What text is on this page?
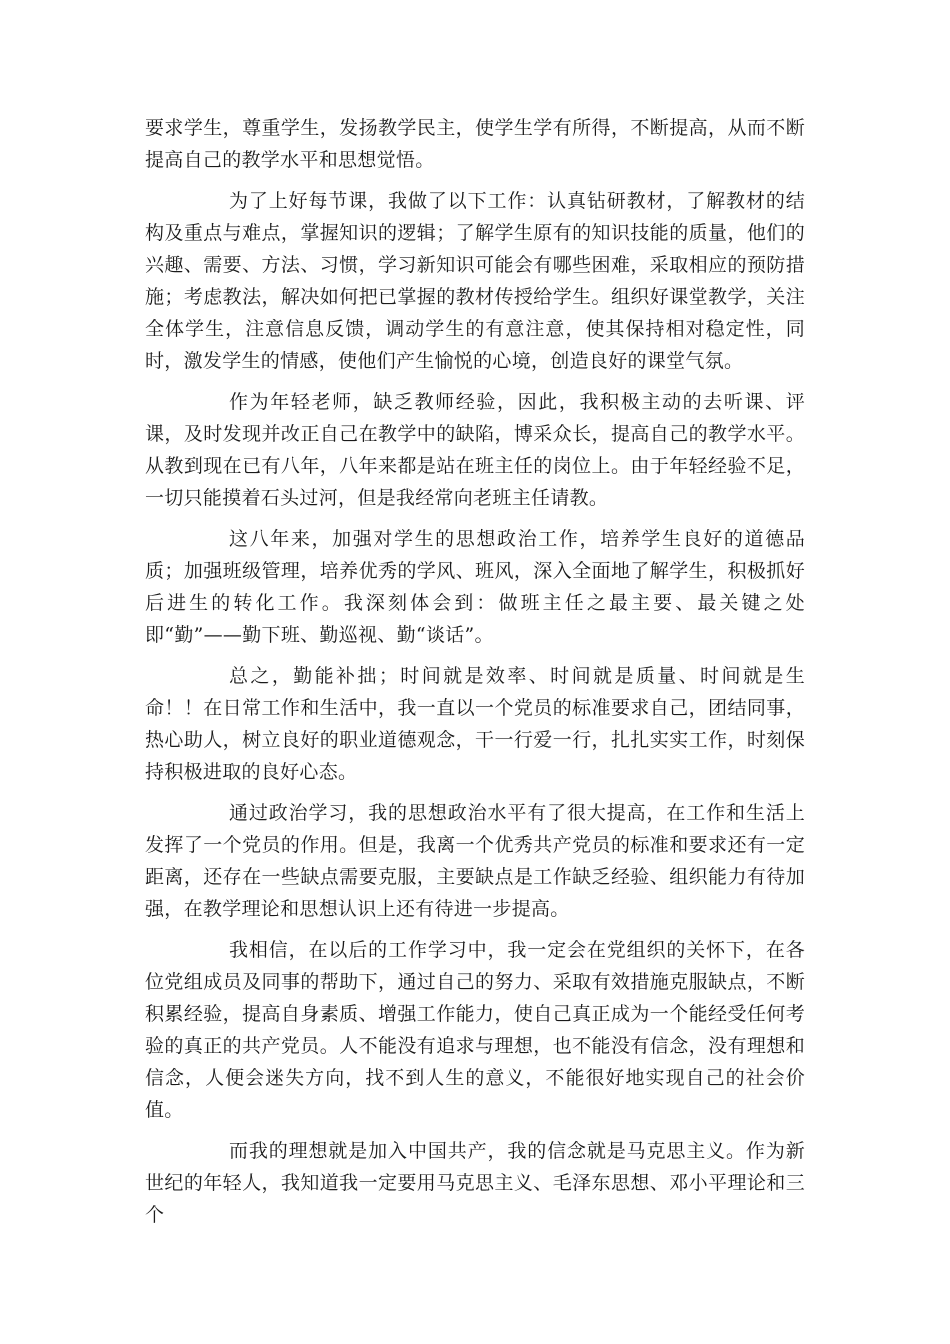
要求学生，尊重学生，发扬教学民主，使学生学有所得，不断提高，从而不断提高自己的教学水平和思想觉悟。

为了上好每节课，我做了以下工作：认真钻研教材，了解教材的结构及重点与难点，掌握知识的逻辑；了解学生原有的知识技能的质量，他们的兴趣、需要、方法、习惯，学习新知识可能会有哪些困难，采取相应的预防措施；考虑教法，解决如何把已掌握的教材传授给学生。组织好课堂教学，关注全体学生，注意信息反馈，调动学生的有意注意，使其保持相对稳定性，同时，激发学生的情感，使他们产生愉悦的心境，创造良好的课堂气氛。

作为年轻老师，缺乏教师经验，因此，我积极主动的去听课、评课，及时发现并改正自己在教学中的缺陷，博采众长，提高自己的教学水平。从教到现在已有八年，八年来都是站在班主任的岗位上。由于年轻经验不足，一切只能摸着石头过河，但是我经常向老班主任请教。

这八年来，加强对学生的思想政治工作，培养学生良好的道德品质；加强班级管理，培养优秀的学风、班风，深入全面地了解学生，积极抓好后进生的转化工作。我深刻体会到：做班主任之最主要、最关键之处即“勤”——勤下班、勤巡视、勤“谈话”。

总之，勤能补拙；时间就是效率、时间就是质量、时间就是生命！！在日常工作和生活中，我一直以一个党员的标准要求自己，团结同事，热心助人，树立良好的职业道德观念，干一行爱一行，扎扎实实工作，时刻保持积极进取的良好心态。

通过政治学习，我的思想政治水平有了很大提高，在工作和生活上发挥了一个党员的作用。但是，我离一个优秀共产党员的标准和要求还有一定距离，还存在一些缺点需要克服，主要缺点是工作缺乏经验、组织能力有待加强，在教学理论和思想认识上还有待进一步提高。

我相信，在以后的工作学习中，我一定会在党组织的关怀下，在各位党组成员及同事的帮助下，通过自己的努力、采取有效措施克服缺点，不断积累经验，提高自身素质、增强工作能力，使自己真正成为一个能经受任何考验的真正的共产党员。人不能没有追求与理想，也不能没有信念，没有理想和信念，人便会迷失方向，找不到人生的意义，不能很好地实现自己的社会价值。

而我的理想就是加入中国共产，我的信念就是马克思主义。作为新世纪的年轻人，我知道我一定要用马克思主义、毛泽东思想、邓小平理论和三个
